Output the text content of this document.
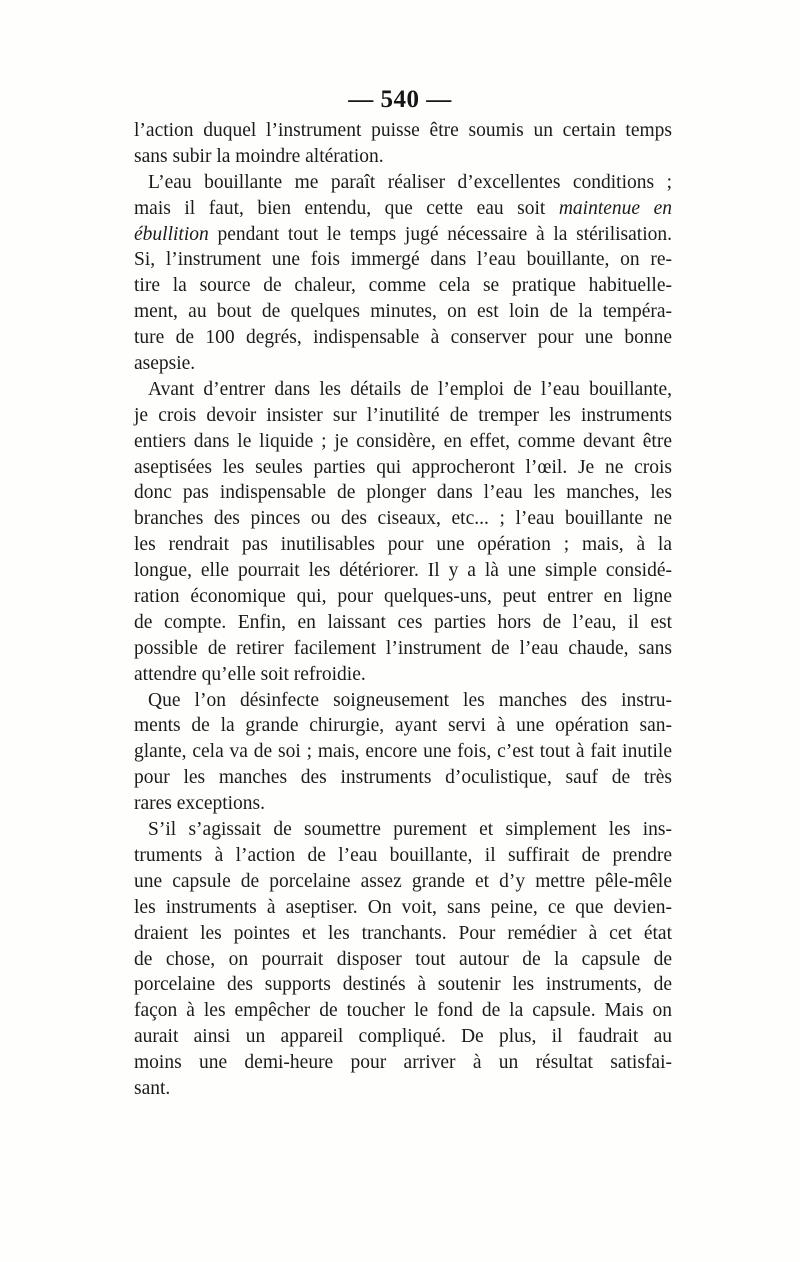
— 540 —
l’action duquel l’instrument puisse être soumis un certain temps
sans subir la moindre altération.
L’eau bouillante me paraît réaliser d’excellentes conditions ;
mais il faut, bien entendu, que cette eau soit maintenue en
ébullition pendant tout le temps jugé nécessaire à la stérilisation.
Si, l’instrument une fois immergé dans l’eau bouillante, on re-
tire la source de chaleur, comme cela se pratique habituelle-
ment, au bout de quelques minutes, on est loin de la tempéra-
ture de 100 degrés, indispensable à conserver pour une bonne
asepsie.
Avant d’entrer dans les détails de l’emploi de l’eau bouillante,
je crois devoir insister sur l’inutilité de tremper les instruments
entiers dans le liquide ; je considère, en effet, comme devant être
aseptisées les seules parties qui approcheront l’œil. Je ne crois
donc pas indispensable de plonger dans l’eau les manches, les
branches des pinces ou des ciseaux, etc... ; l’eau bouillante ne
les rendrait pas inutilisables pour une opération ; mais, à la
longue, elle pourrait les détériorer. Il y a là une simple considé-
ration économique qui, pour quelques-uns, peut entrer en ligne
de compte. Enfin, en laissant ces parties hors de l’eau, il est
possible de retirer facilement l’instrument de l’eau chaude, sans
attendre qu’elle soit refroidie.
Que l’on désinfecte soigneusement les manches des instru-
ments de la grande chirurgie, ayant servi à une opération san-
glante, cela va de soi ; mais, encore une fois, c’est tout à fait inutile
pour les manches des instruments d’oculistique, sauf de très
rares exceptions.
S’il s’agissait de soumettre purement et simplement les ins-
truments à l’action de l’eau bouillante, il suffirait de prendre
une capsule de porcelaine assez grande et d’y mettre pêle-mêle
les instruments à aseptiser. On voit, sans peine, ce que devien-
draient les pointes et les tranchants. Pour remédier à cet état
de chose, on pourrait disposer tout autour de la capsule de
porcelaine des supports destinés à soutenir les instruments, de
façon à les empêcher de toucher le fond de la capsule. Mais on
aurait ainsi un appareil compliqué. De plus, il faudrait au
moins une demi-heure pour arriver à un résultat satisfai-
sant.
